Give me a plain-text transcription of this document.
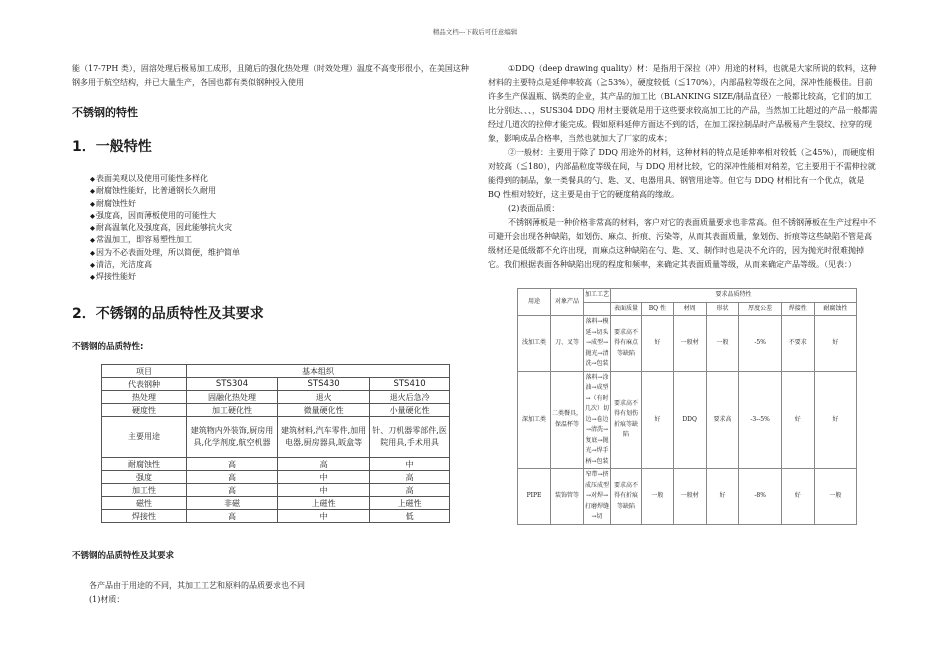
精品文档---下载后可任意编辑

能（17-7PH 类），固溶处理后极易加工成形，且随后的强化热处理（时效处理）温度不高变形很小，在美国这种钢多用于航空结构，并已大量生产，各国也都有类似钢种投入使用

不锈钢的特性

1．一般特性

◆ 表面美观以及使用可能性多样化
◆ 耐腐蚀性能好，比普通钢长久耐用
◆ 耐腐蚀性好
◆ 强度高，因而薄板使用的可能性大
◆ 耐高温氧化及强度高，因此能够抗火灾
◆ 常温加工，即容易塑性加工
◆ 因为不必表面处理，所以简便，维护简单
◆ 清洁，光洁度高
◆ 焊接性能好

2．不锈钢的品质特性及其要求

不锈钢的品质特性:

项目	基本组织		
代表钢种	STS304	STS430	STS410
热处理	固融化热处理	退火	退火后急冷
硬度性	加工硬化性	微量硬化性	小量硬化性
主要用途	建筑物内外装饰,厨房用具,化学剂度,航空机器	建筑材料,汽车零件,加用电器,厨房器具,皈盒等	针、刀机器零部件,医院用具,手术用具
耐腐蚀性	高	高	中
强度	高	中	高
加工性	高	中	高
磁性	非磁	上磁性	上磁性
焊接性	高	中	低

不锈钢的品质特性及其要求

各产品由于用途的不同，其加工工艺和原料的品质要求也不同

(1)材质：

①DDQ（deep drawing quality）材：是指用于深拉（冲）用途的材料，也就是大家所说的软料，这种材料的主要特点是延伸率较高（≧53%），硬度较低（≦170%），内部晶粒等级在之间，深冲性能极佳。目前许多生产保温瓶、锅类的企业，其产品的加工比（BLANKING SIZE/制品直径）一般都比较高，它们的加工比分别达、、、，SUS304 DDQ 用材主要就是用于这些要求较高加工比的产品，当然加工比超过的产品一般都需经过几道次的拉伸才能完成。假如原料延伸方面达不到的话，在加工深拉制品时产品极易产生裂纹、拉穿的现象，影响成品合格率，当然也就加大了厂家的成本；

②一般材：主要用于除了 DDQ 用途外的材料，这种材料的特点是延伸率相对较低（≧45%），而硬度相对较高（≦180），内部晶粒度等级在间，与 DDQ 用材比较，它的深冲性能相对稍差，它主要用于不需伸拉就能得到的制品，象一类餐具的勺、匙、叉、电器用具、钢管用途等。但它与 DDQ 材相比有一个优点，就是 BQ 性相对较好，这主要是由于它的硬度稍高的缘故。

(2)表面品质：

不锈钢薄板是一种价格非常高的材料，客户对它的表面质量要求也非常高。但不锈钢薄板在生产过程中不可避开会出现各种缺陷，如划伤、麻点、折痕、污染等，从而其表面质量，象划伤、折痕等这些缺陷不管是高级材还是低级都不允许出现，而麻点这种缺陷在勺、匙、叉、制作时也是决不允许的，因为抛光时很难抛掉它。我们根据表面各种缺陷出现的程度和频率，来确定其表面质量等级，从而来确定产品等级。（见表：）

用途	对象产品	加工工艺	要求品质特性						
			表面质量	BQ 性	材周	形状	厚度公差	焊接性	耐腐蚀性
浅加工类	刀、叉等	落料→模延→切头→成型→抛光→清洗→包装	要求高不得有麻点等缺陷	好	一般材	一般	-5%	不要求	好
深加工类	二类餐具，保温杯等	落料→涂油→成型→（有时几次）切边→卷边→清洗→复底→抛光→焊手柄→包装	要求高不得有划伤折痕等缺陷	好	DDQ	要求高	-3--5%	好	好
PIPE	装饰管等	窄带→挤成压成型→对焊→打磨焊缝→切	要求高不得有折痕等缺陷	一般	一般材	好	-8%	好	一般
